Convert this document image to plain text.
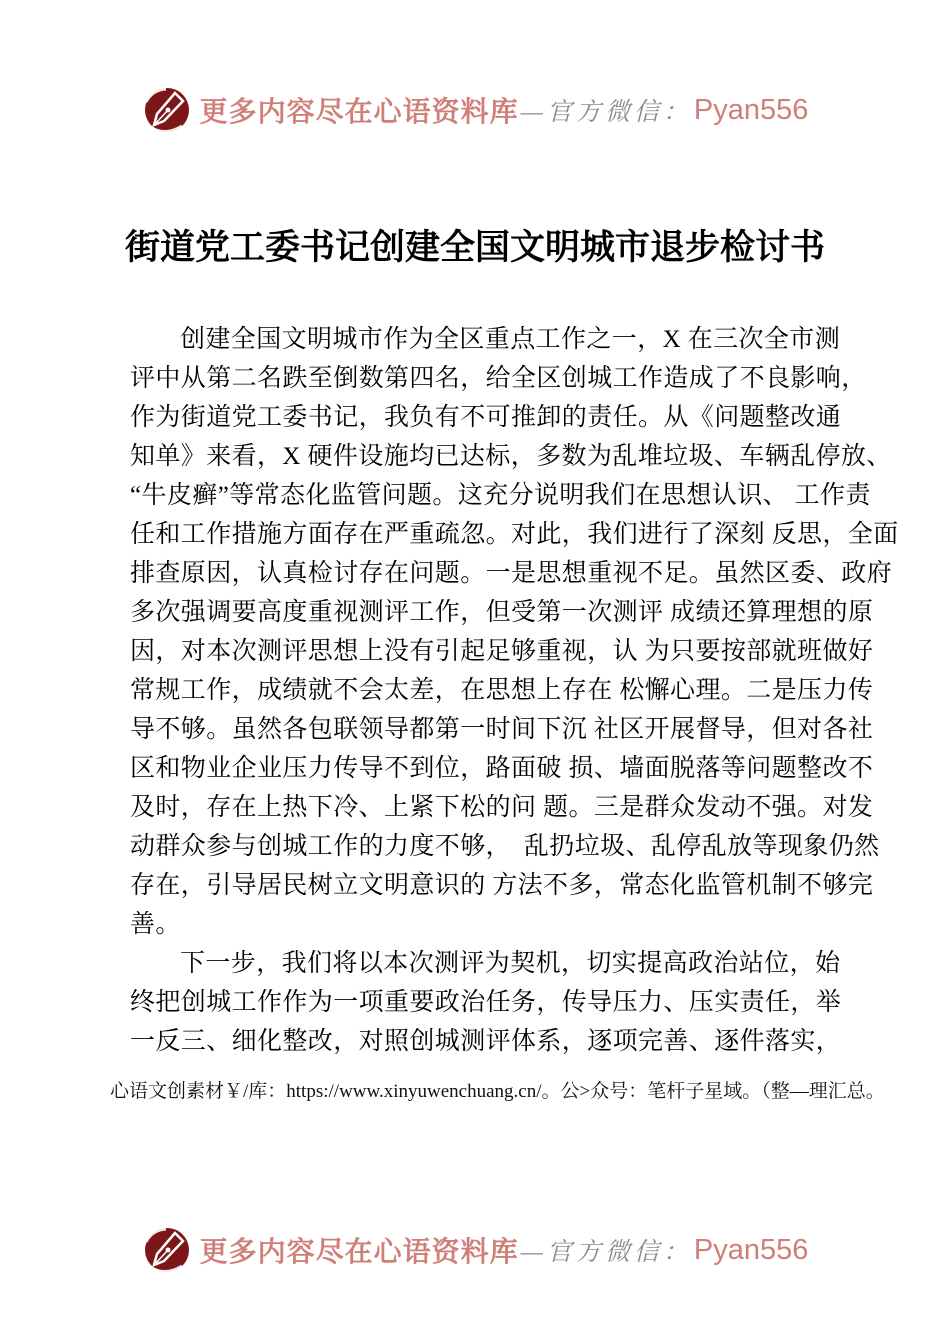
更多内容尽在心语资料库 —官方微信： Pyan556
街道党工委书记创建全国文明城市退步检讨书
创建全国文明城市作为全区重点工作之一，X 在三次全市测
评中从第二名跌至倒数第四名，给全区创城工作造成了不良影响，
作为街道党工委书记，我负有不可推卸的责任。从《问题整改通
知单》来看，X 硬件设施均已达标，多数为乱堆垃圾、车辆乱停放、
“牛皮癣”等常态化监管问题。这充分说明我们在思想认识、 工作责
任和工作措施方面存在严重疏忽。对此，我们进行了深刻 反思，全面
排查原因，认真检讨存在问题。一是思想重视不足。虽然区委、政府
多次强调要高度重视测评工作，但受第一次测评 成绩还算理想的原
因，对本次测评思想上没有引起足够重视，认 为只要按部就班做好
常规工作，成绩就不会太差，在思想上存在 松懈心理。二是压力传
导不够。虽然各包联领导都第一时间下沉 社区开展督导，但对各社
区和物业企业压力传导不到位，路面破 损、墙面脱落等问题整改不
及时，存在上热下冷、上紧下松的问 题。三是群众发动不强。对发
动群众参与创城工作的力度不够，　乱扔垃圾、乱停乱放等现象仍然
存在，引导居民树立文明意识的 方法不多，常态化监管机制不够完
善。
下一步，我们将以本次测评为契机，切实提高政治站位，始
终把创城工作作为一项重要政治任务，传导压力、压实责任，举
一反三、细化整改，对照创城测评体系，逐项完善、逐件落实，
心语文创素材￥/库：https://www.xinyuwenchuang.cn/。公>众号：笔杆子星域。（整—理汇总。
更多内容尽在心语资料库 —官方微信： Pyan556
